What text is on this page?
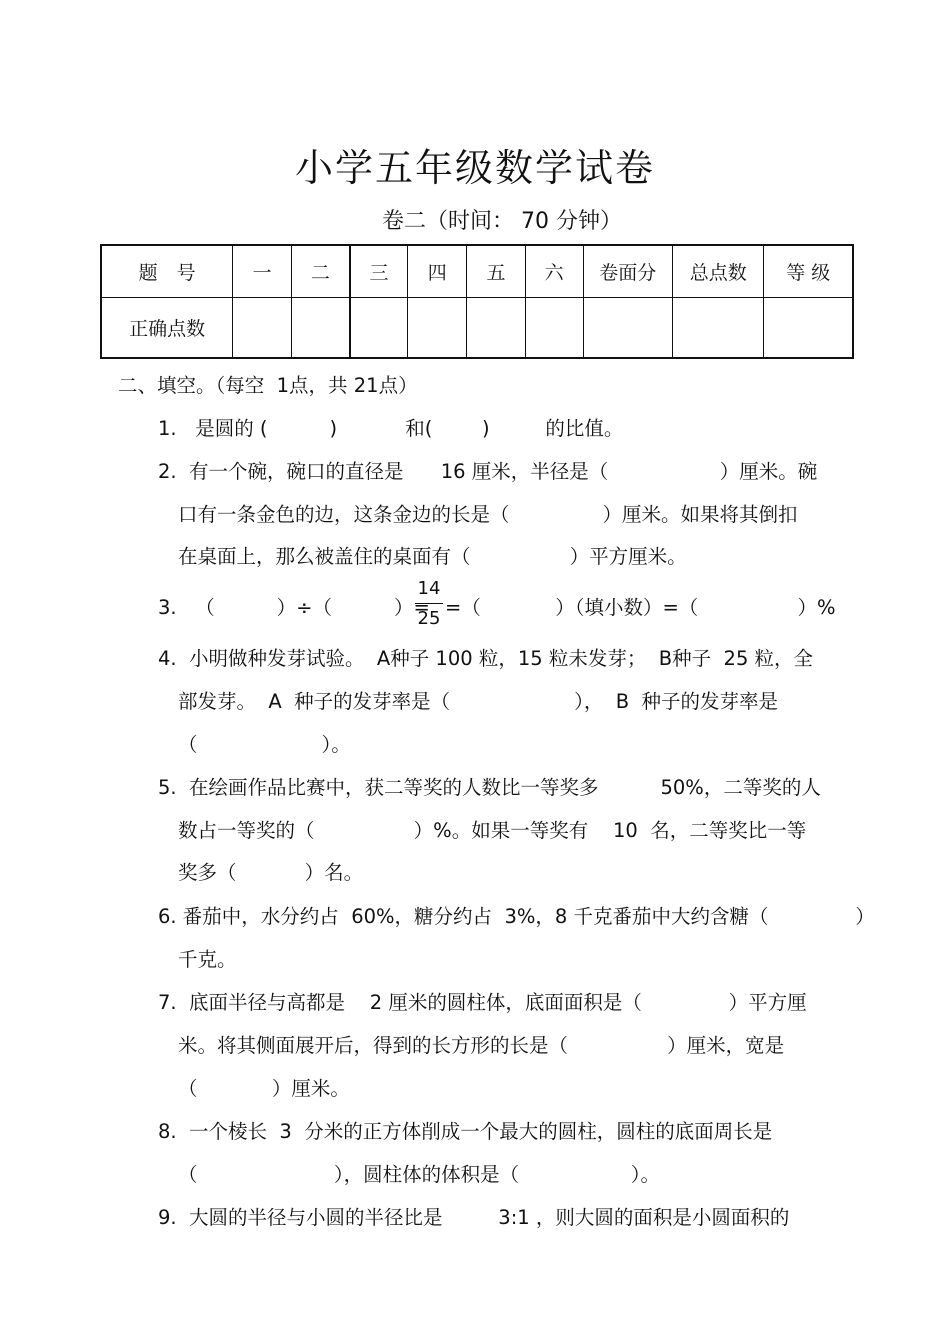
小学五年级数学试卷
卷二（时间： 70 分钟）
题　号	一	二	三	四	五	六	卷面分	总点数	等 级
正确点数									
二、填空。（每空  1点，共 21点）
1.   是圆的 (          )           和(        )         的比值。
2.  有一个碗，碗口的直径是      16 厘米，半径是（                  ）厘米。碗
口有一条金色的边，这条金边的长是（               ）厘米。如果将其倒扣
在桌面上，那么被盖住的桌面有（                ）平方厘米。
3.   （          ）÷（          ）=
14
25 =（            ）（填小数）=（                ）%
4.  小明做种发芽试验。  A种子 100 粒，15 粒未发芽；  B种子  25 粒，全
部发芽。  A  种子的发芽率是（                    ），  B  种子的发芽率是
（                    ）。
5.  在绘画作品比赛中，获二等奖的人数比一等奖多          50%，二等奖的人
数占一等奖的（                ）%。如果一等奖有    10  名，二等奖比一等
奖多（           ）名。
6. 番茄中，水分约占  60%，糖分约占  3%，8 千克番茄中大约含糖（              ）
千克。
7.  底面半径与高都是    2 厘米的圆柱体，底面面积是（              ）平方厘
米。将其侧面展开后，得到的长方形的长是（                ）厘米，宽是
（            ）厘米。
8.  一个棱长  3  分米的正方体削成一个最大的圆柱，圆柱的底面周长是
（                      ），圆柱体的体积是（                  ）。
9.  大圆的半径与小圆的半径比是         3:1 ，则大圆的面积是小圆面积的
